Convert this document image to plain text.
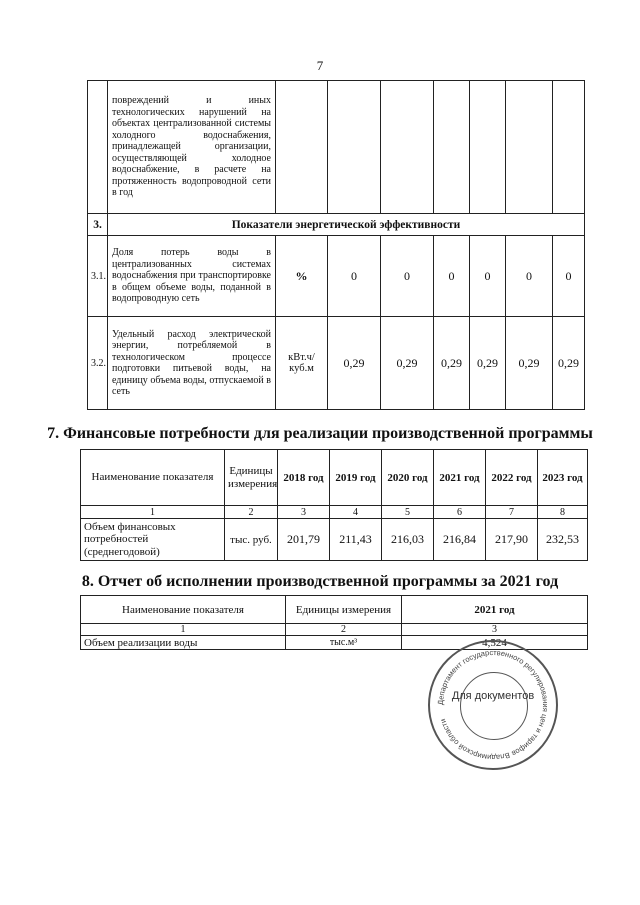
7
	повреждений и иных технологических нарушений на объектах централизованной системы холодного водоснабжения, принадлежащей организации, осуществляющей холодное водоснабжение, в расчете на протяженность водопроводной сети в год							
3.	Показатели энергетической эффективности							
3.1.	Доля потерь воды в централизованных системах водоснабжения при транспортировке в общем объеме воды, поданной в водопроводную сеть	%	0	0	0	0	0	0
3.2.	Удельный расход электрической энергии, потребляемой в технологическом процессе подготовки питьевой воды, на единицу объема воды, отпускаемой в сеть	кВт.ч/куб.м	0,29	0,29	0,29	0,29	0,29	0,29
7. Финансовые потребности для реализации производственной программы
Наименование показателя	Единицы измерения	2018 год	2019 год	2020 год	2021 год	2022 год	2023 год
1	2	3	4	5	6	7	8
Объем финансовых потребностей (среднегодовой)	тыс. руб.	201,79	211,43	216,03	216,84	217,90	232,53
8. Отчет об исполнении производственной программы за 2021 год
Наименование показателя	Единицы измерения	2021 год
1	2	3
Объем реализации воды	тыс.м³	4,524
Департамент государственного регулирования цен и тарифов Владимирской области
Для документов
